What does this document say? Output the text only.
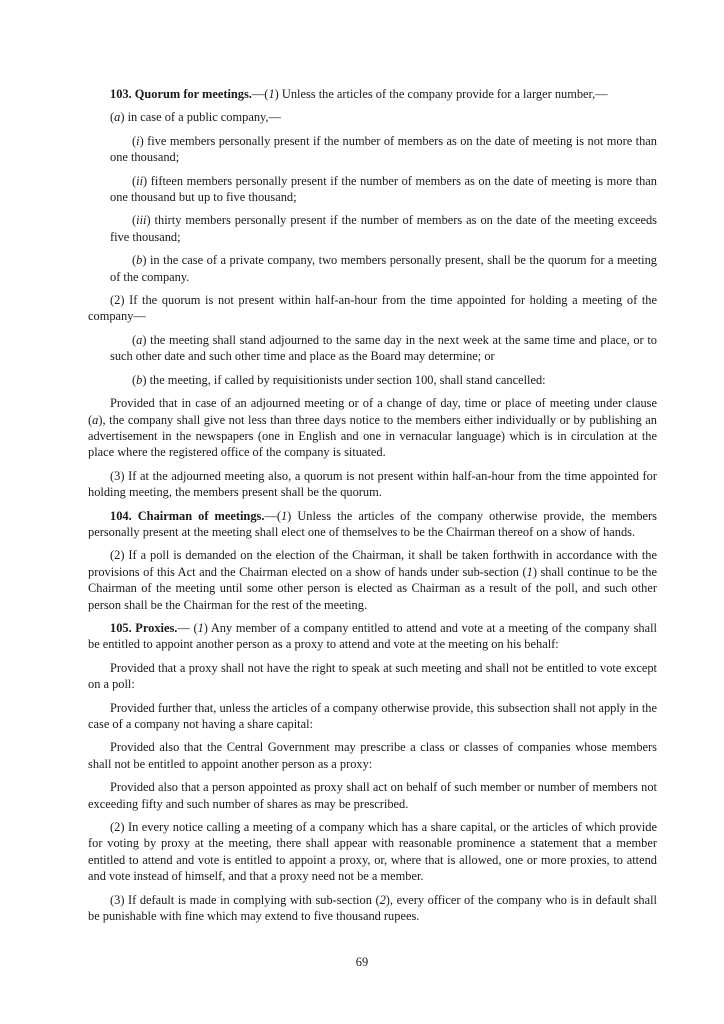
103. Quorum for meetings.—(1) Unless the articles of the company provide for a larger number,—

(a) in case of a public company,—

(i) five members personally present if the number of members as on the date of meeting is not more than one thousand;

(ii) fifteen members personally present if the number of members as on the date of meeting is more than one thousand but up to five thousand;

(iii) thirty members personally present if the number of members as on the date of the meeting exceeds five thousand;

(b) in the case of a private company, two members personally present, shall be the quorum for a meeting of the company.

(2) If the quorum is not present within half-an-hour from the time appointed for holding a meeting of the company—

(a) the meeting shall stand adjourned to the same day in the next week at the same time and place, or to such other date and such other time and place as the Board may determine; or

(b) the meeting, if called by requisitionists under section 100, shall stand cancelled:

Provided that in case of an adjourned meeting or of a change of day, time or place of meeting under clause (a), the company shall give not less than three days notice to the members either individually or by publishing an advertisement in the newspapers (one in English and one in vernacular language) which is in circulation at the place where the registered office of the company is situated.

(3) If at the adjourned meeting also, a quorum is not present within half-an-hour from the time appointed for holding meeting, the members present shall be the quorum.

104. Chairman of meetings.—(1) Unless the articles of the company otherwise provide, the members personally present at the meeting shall elect one of themselves to be the Chairman thereof on a show of hands.

(2) If a poll is demanded on the election of the Chairman, it shall be taken forthwith in accordance with the provisions of this Act and the Chairman elected on a show of hands under sub-section (1) shall continue to be the Chairman of the meeting until some other person is elected as Chairman as a result of the poll, and such other person shall be the Chairman for the rest of the meeting.

105. Proxies.— (1) Any member of a company entitled to attend and vote at a meeting of the company shall be entitled to appoint another person as a proxy to attend and vote at the meeting on his behalf:

Provided that a proxy shall not have the right to speak at such meeting and shall not be entitled to vote except on a poll:

Provided further that, unless the articles of a company otherwise provide, this subsection shall not apply in the case of a company not having a share capital:

Provided also that the Central Government may prescribe a class or classes of companies whose members shall not be entitled to appoint another person as a proxy:

Provided also that a person appointed as proxy shall act on behalf of such member or number of members not exceeding fifty and such number of shares as may be prescribed.

(2) In every notice calling a meeting of a company which has a share capital, or the articles of which provide for voting by proxy at the meeting, there shall appear with reasonable prominence a statement that a member entitled to attend and vote is entitled to appoint a proxy, or, where that is allowed, one or more proxies, to attend and vote instead of himself, and that a proxy need not be a member.

(3) If default is made in complying with sub-section (2), every officer of the company who is in default shall be punishable with fine which may extend to five thousand rupees.

69
